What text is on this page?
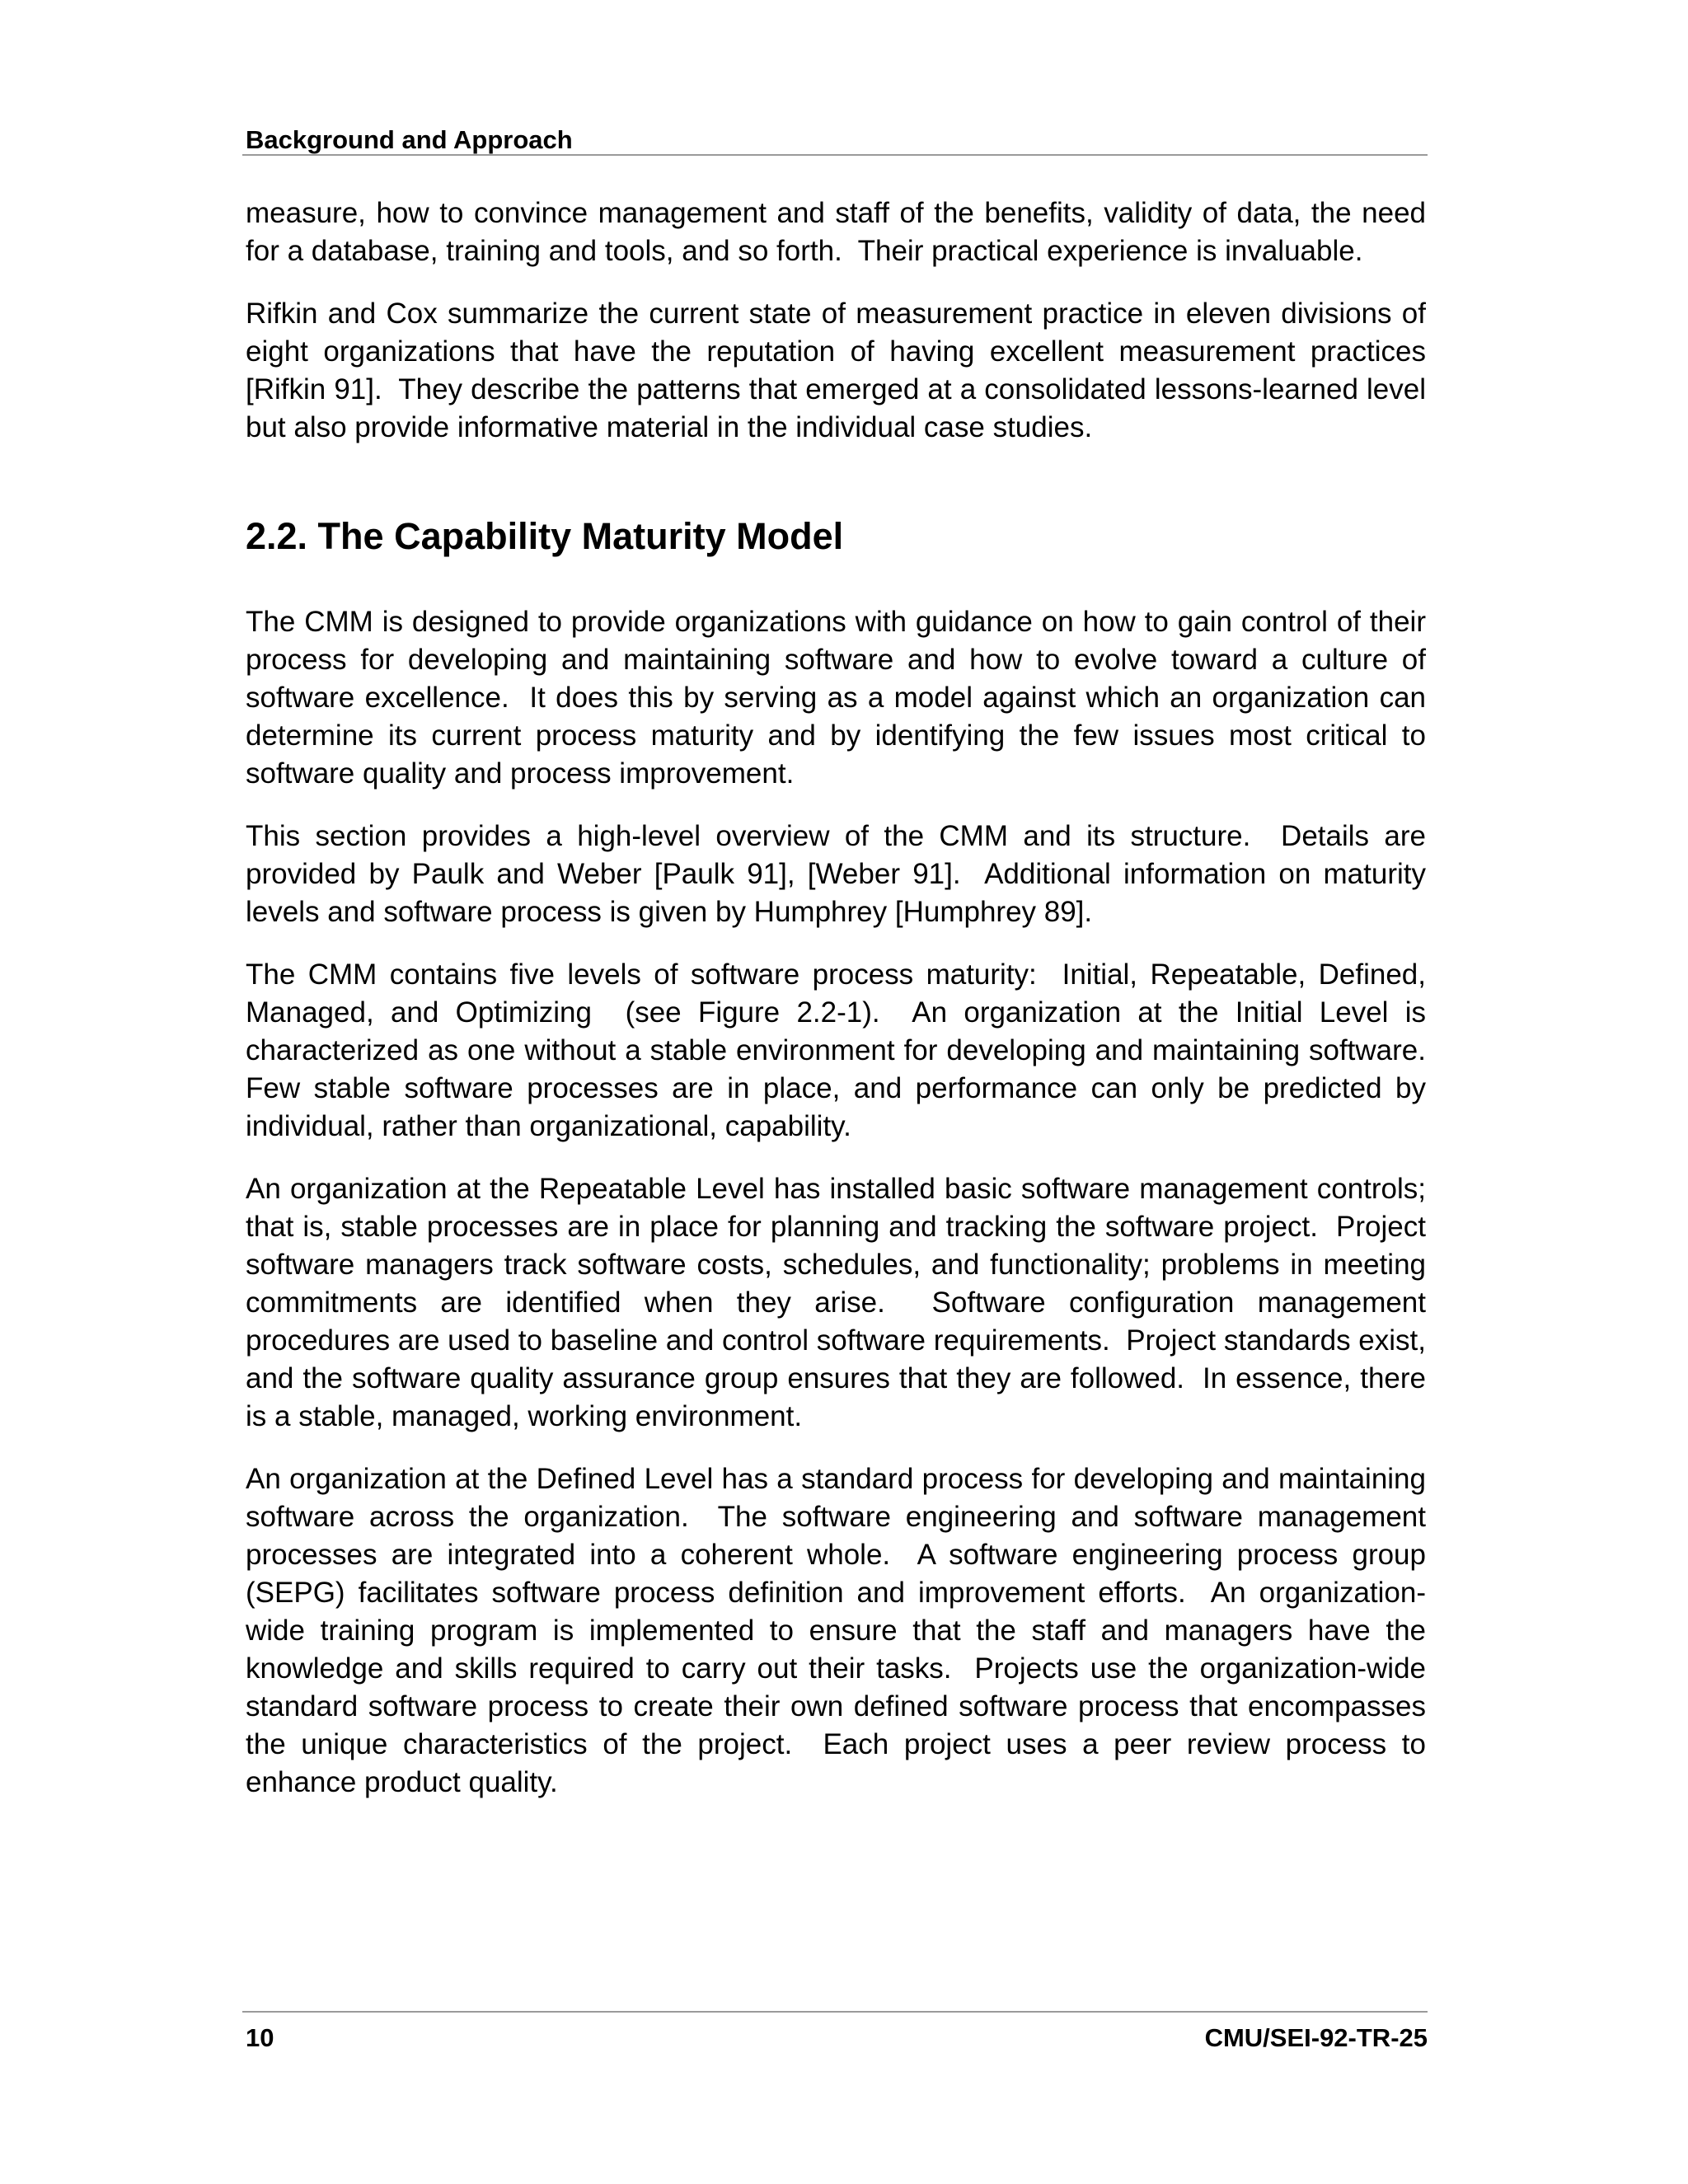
Background and Approach

measure, how to convince management and staff of the benefits, validity of data, the need for a database, training and tools, and so forth.  Their practical experience is invaluable.

Rifkin and Cox summarize the current state of measurement practice in eleven divisions of eight organizations that have the reputation of having excellent measurement practices [Rifkin 91].  They describe the patterns that emerged at a consolidated lessons-learned level but also provide informative material in the individual case studies.

2.2. The Capability Maturity Model

The CMM is designed to provide organizations with guidance on how to gain control of their process for developing and maintaining software and how to evolve toward a culture of software excellence.  It does this by serving as a model against which an organization can determine its current process maturity and by identifying the few issues most critical to software quality and process improvement.

This section provides a high-level overview of the CMM and its structure.  Details are provided by Paulk and Weber [Paulk 91], [Weber 91].  Additional information on maturity levels and software process is given by Humphrey [Humphrey 89].

The CMM contains five levels of software process maturity:  Initial, Repeatable, Defined, Managed, and Optimizing  (see Figure 2.2-1).  An organization at the Initial Level is characterized as one without a stable environment for developing and maintaining software.  Few stable software processes are in place, and performance can only be predicted by individual, rather than organizational, capability.

An organization at the Repeatable Level has installed basic software management controls; that is, stable processes are in place for planning and tracking the software project.  Project software managers track software costs, schedules, and functionality; problems in meeting commitments are identified when they arise.  Software configuration management procedures are used to baseline and control software requirements.  Project standards exist, and the software quality assurance group ensures that they are followed.  In essence, there is a stable, managed, working environment.

An organization at the Defined Level has a standard process for developing and maintaining software across the organization.  The software engineering and software management processes are integrated into a coherent whole.  A software engineering process group (SEPG) facilitates software process definition and improvement efforts.  An organization-wide training program is implemented to ensure that the staff and managers have the knowledge and skills required to carry out their tasks.  Projects use the organization-wide standard software process to create their own defined software process that encompasses the unique characteristics of the project.  Each project uses a peer review process to enhance product quality.

10	CMU/SEI-92-TR-25
